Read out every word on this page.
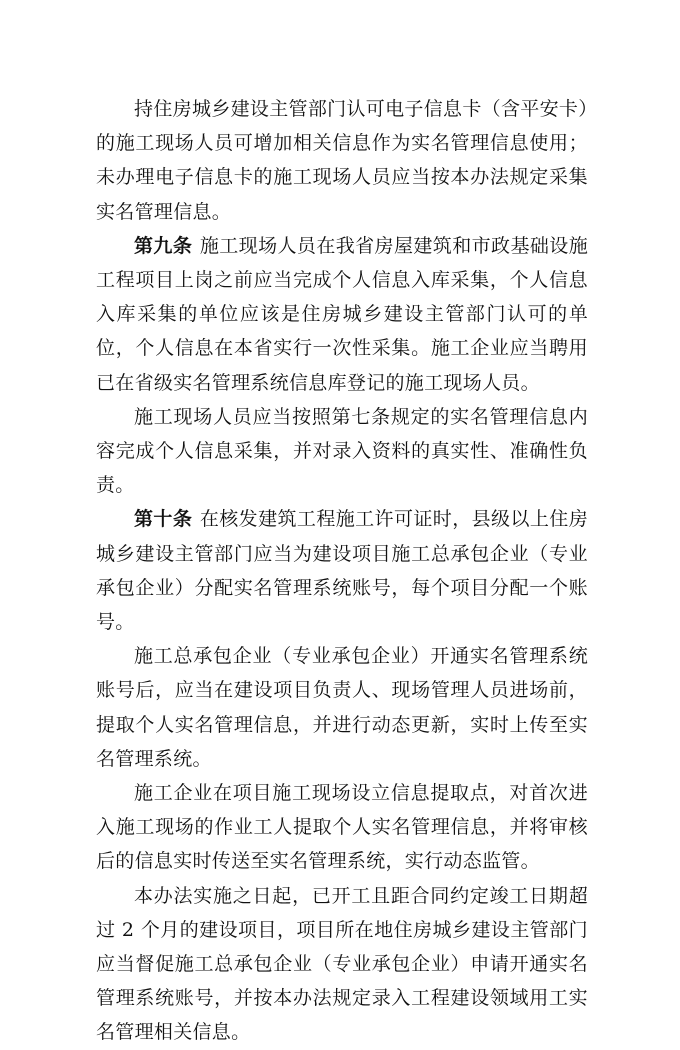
持住房城乡建设主管部门认可电子信息卡（含平安卡）的施工现场人员可增加相关信息作为实名管理信息使用；未办理电子信息卡的施工现场人员应当按本办法规定采集实名管理信息。

第九条 施工现场人员在我省房屋建筑和市政基础设施工程项目上岗之前应当完成个人信息入库采集，个人信息入库采集的单位应该是住房城乡建设主管部门认可的单位，个人信息在本省实行一次性采集。施工企业应当聘用已在省级实名管理系统信息库登记的施工现场人员。

施工现场人员应当按照第七条规定的实名管理信息内容完成个人信息采集，并对录入资料的真实性、准确性负责。

第十条 在核发建筑工程施工许可证时，县级以上住房城乡建设主管部门应当为建设项目施工总承包企业（专业承包企业）分配实名管理系统账号，每个项目分配一个账号。

施工总承包企业（专业承包企业）开通实名管理系统账号后，应当在建设项目负责人、现场管理人员进场前，提取个人实名管理信息，并进行动态更新，实时上传至实名管理系统。

施工企业在项目施工现场设立信息提取点，对首次进入施工现场的作业工人提取个人实名管理信息，并将审核后的信息实时传送至实名管理系统，实行动态监管。

本办法实施之日起，已开工且距合同约定竣工日期超过 2 个月的建设项目，项目所在地住房城乡建设主管部门应当督促施工总承包企业（专业承包企业）申请开通实名管理系统账号，并按本办法规定录入工程建设领域用工实名管理相关信息。
